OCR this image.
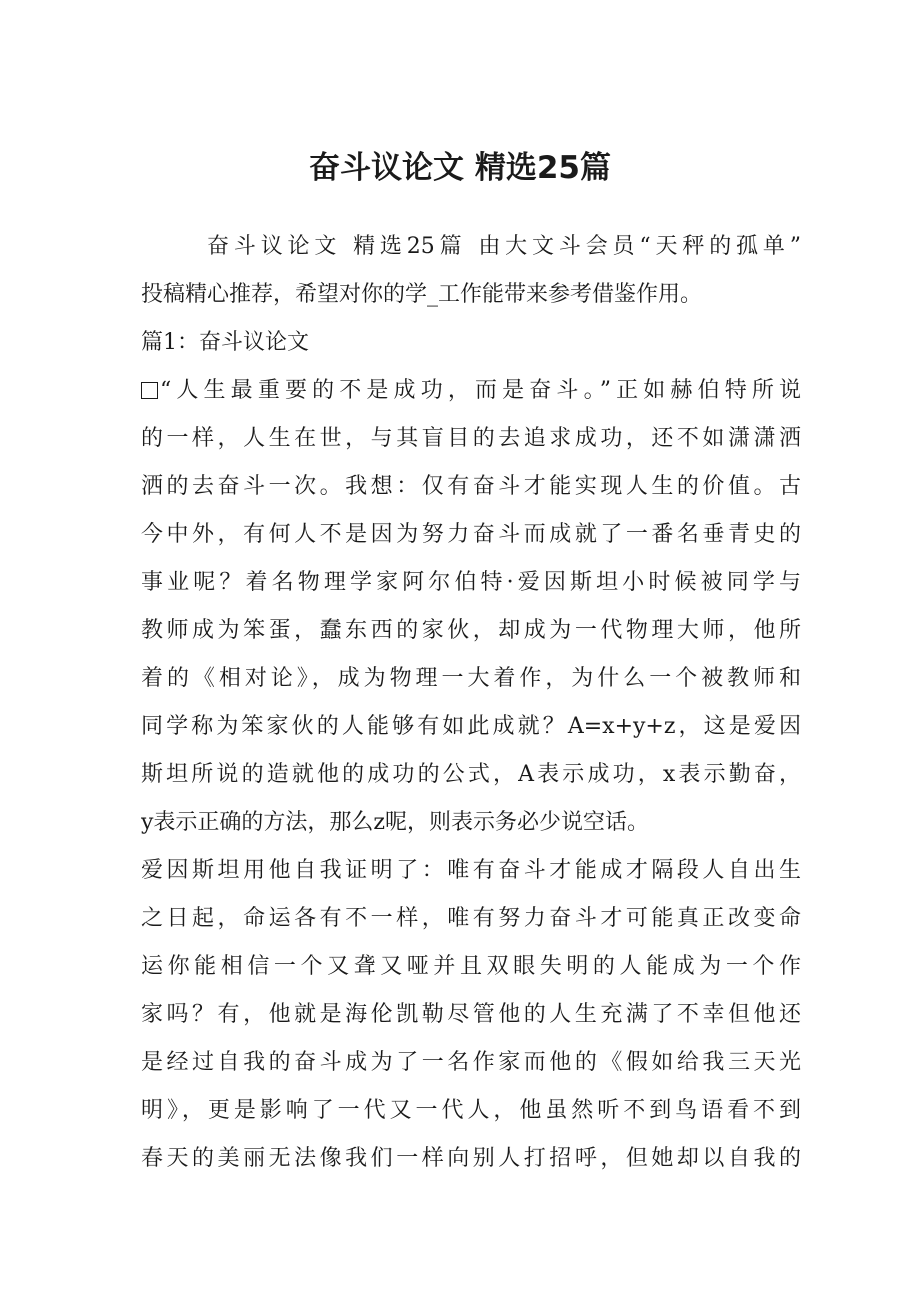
奋斗议论文 精选25篇

奋斗议论文 精选25篇 由大文斗会员“天秤的孤单”

投稿精心推荐，希望对你的学_工作能带来参考借鉴作用。

篇1：奋斗议论文

“人生最重要的不是成功，而是奋斗。”正如赫伯特所说

的一样，人生在世，与其盲目的去追求成功，还不如潇潇洒

洒的去奋斗一次。我想：仅有奋斗才能实现人生的价值。古

今中外，有何人不是因为努力奋斗而成就了一番名垂青史的

事业呢？着名物理学家阿尔伯特·爱因斯坦小时候被同学与

教师成为笨蛋，蠢东西的家伙，却成为一代物理大师，他所

着的《相对论》，成为物理一大着作，为什么一个被教师和

同学称为笨家伙的人能够有如此成就？A=x+y+z，这是爱因

斯坦所说的造就他的成功的公式，A表示成功，x表示勤奋，

y表示正确的方法，那么z呢，则表示务必少说空话。

爱因斯坦用他自我证明了：唯有奋斗才能成才隔段人自出生

之日起，命运各有不一样，唯有努力奋斗才可能真正改变命

运你能相信一个又聋又哑并且双眼失明的人能成为一个作

家吗？有，他就是海伦凯勒尽管他的人生充满了不幸但他还

是经过自我的奋斗成为了一名作家而他的《假如给我三天光

明》，更是影响了一代又一代人，他虽然听不到鸟语看不到

春天的美丽无法像我们一样向别人打招呼，但她却以自我的
